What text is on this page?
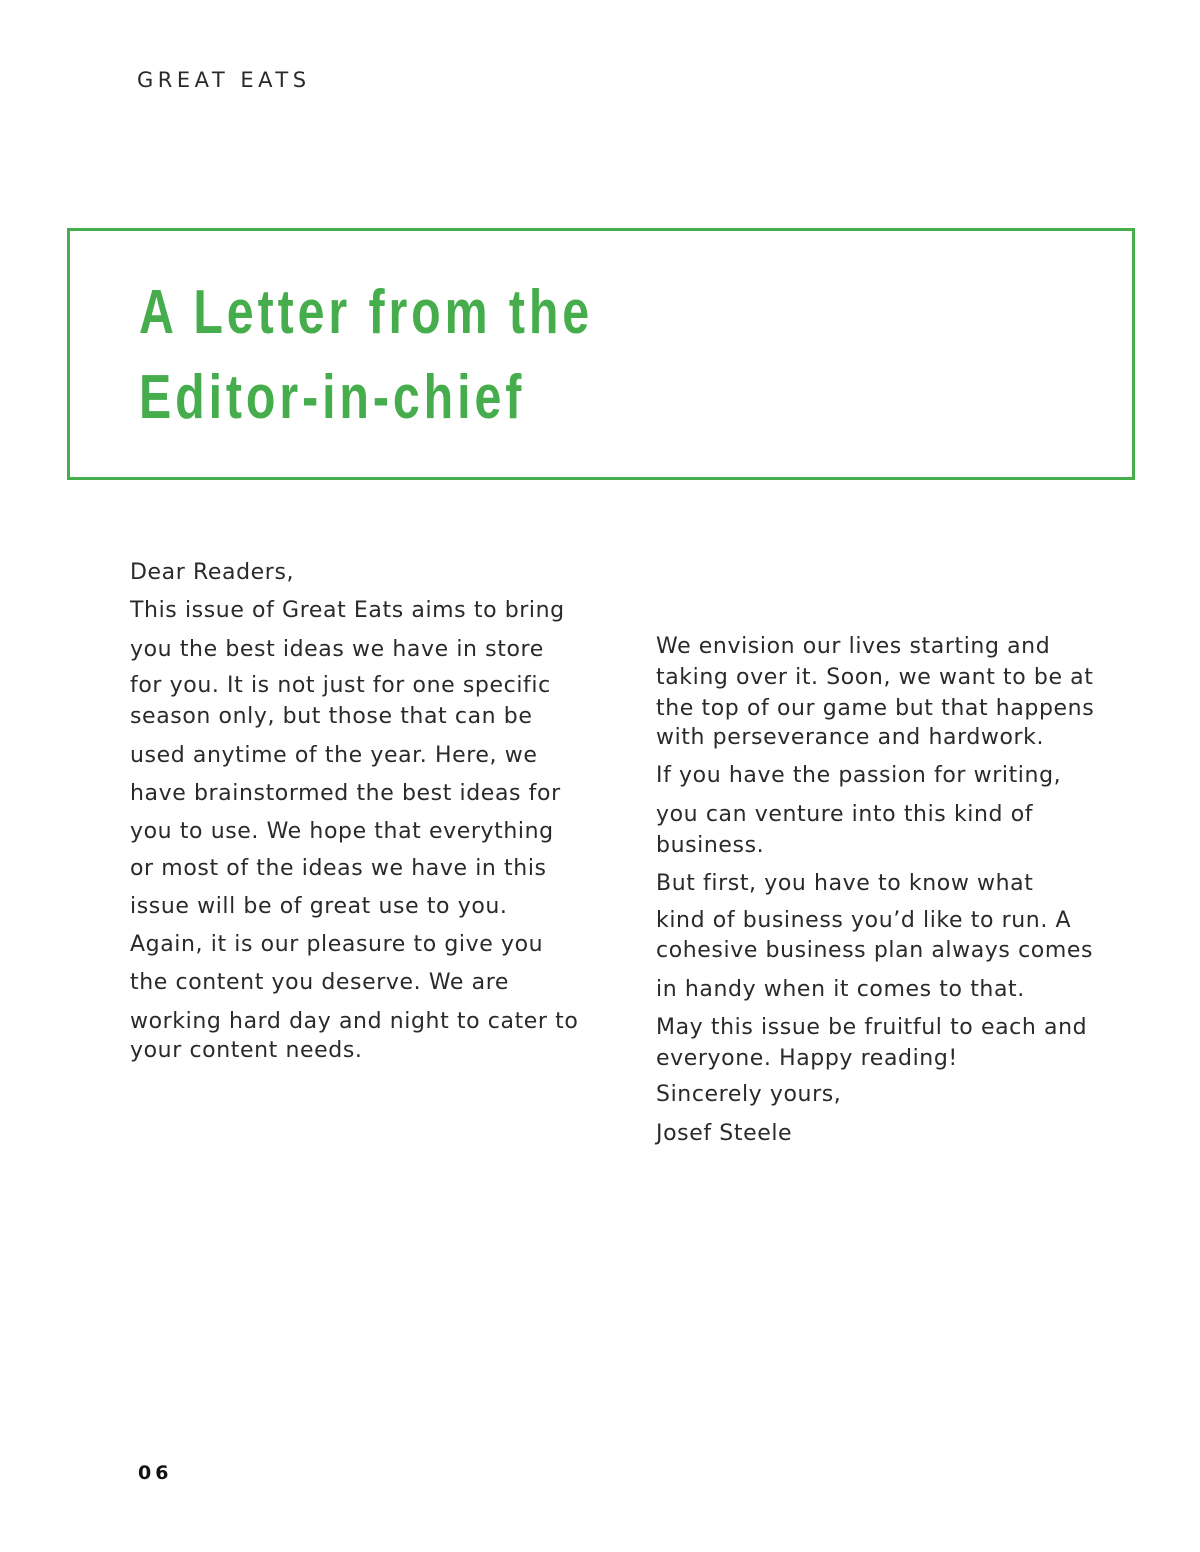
GREAT EATS
A Letter from the
Editor-in-chief
Dear Readers,
This issue of Great Eats aims to bring
you the best ideas we have in store
for you. It is not just for one specific
season only, but those that can be
used anytime of the year. Here, we
have brainstormed the best ideas for
you to use. We hope that everything
or most of the ideas we have in this
issue will be of great use to you.
Again, it is our pleasure to give you
the content you deserve. We are
working hard day and night to cater to
your content needs.
We envision our lives starting and
taking over it. Soon, we want to be at
the top of our game but that happens
with perseverance and hardwork.
If you have the passion for writing,
you can venture into this kind of
business.
But first, you have to know what
kind of business you’d like to run. A
cohesive business plan always comes
in handy when it comes to that.
May this issue be fruitful to each and
everyone. Happy reading!
Sincerely yours,
Josef Steele
06
